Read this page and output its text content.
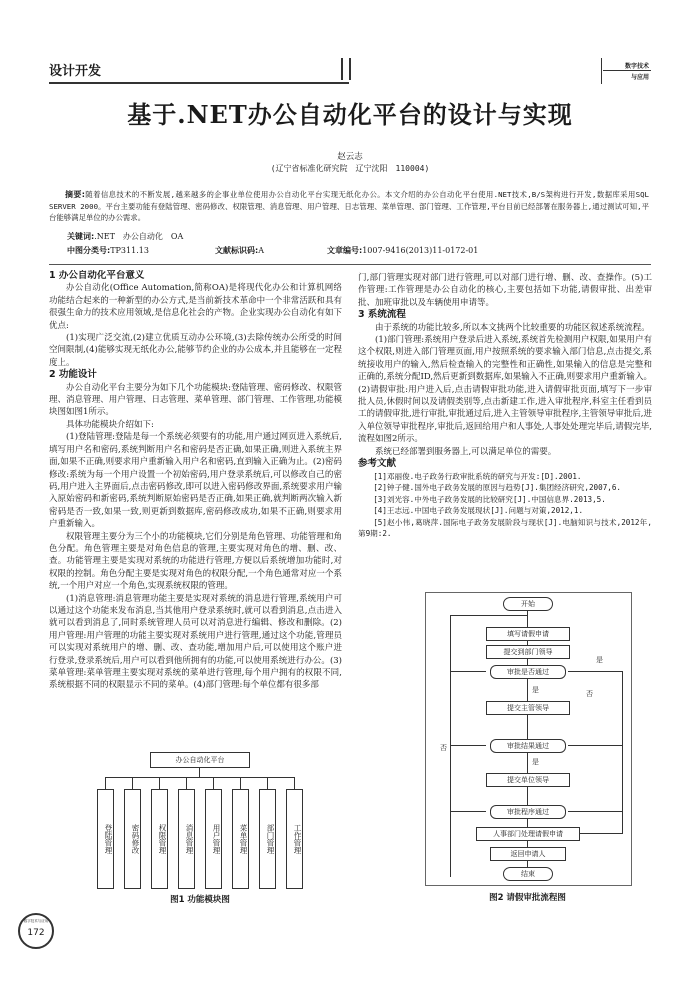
设计开发	数字技术
与应用
基于.NET办公自动化平台的设计与实现
赵云志
(辽宁省标准化研究院　辽宁沈阳　110004)
摘要:随着信息技术的不断发展,越来越多的企事业单位使用办公自动化平台实现无纸化办公。本文介绍的办公自动化平台使用.NET技术,B/S架构进行开发,数据库采用SQL SERVER 2000。平台主要功能有登陆管理、密码修改、权限管理、消息管理、用户管理、日志管理、菜单管理、部门管理、工作管理,平台目前已经部署在服务器上,通过测试可知,平台能够满足单位的办公需求。
关键词:.NET　办公自动化　OA
中图分类号:TP311.13	文献标识码:A	文章编号:1007-9416(2013)11-0172-01

1 办公自动化平台意义

办公自动化(Office Automation,简称OA)是将现代化办公和计算机网络功能结合起来的一种新型的办公方式,是当前新技术革命中一个非常活跃和具有很强生命力的技术应用领域,是信息化社会的产物。企业实现办公自动化有如下优点:

(1)实现广泛交流,(2)建立优质互动办公环境,(3)去除传统办公所受的时间空间限制,(4)能够实现无纸化办公,能够节约企业的办公成本,并且能够在一定程度上。

2 功能设计

办公自动化平台主要分为如下几个功能模块:登陆管理、密码修改、权限管理、消息管理、用户管理、日志管理、菜单管理、部门管理、工作管理,功能模块图如图1所示。

具体功能模块介绍如下:

(1)登陆管理:登陆是每一个系统必须要有的功能,用户通过网页进入系统后,填写用户名和密码,系统判断用户名和密码是否正确,如果正确,则进入系统主界面,如果不正确,则要求用户重新输入用户名和密码,直到输入正确为止。(2)密码修改:系统为每一个用户设置一个初始密码,用户登录系统后,可以修改自己的密码,用户进入主界面后,点击密码修改,即可以进入密码修改界面,系统要求用户输入原始密码和新密码,系统判断原始密码是否正确,如果正确,就判断两次输入新密码是否一致,如果一致,则更新到数据库,密码修改成功,如果不正确,则要求用户重新输入。

权限管理主要分为三个小的功能模块,它们分别是角色管理、功能管理和角色分配。角色管理主要是对角色信息的管理,主要实现对角色的增、删、改、查。功能管理主要是实现对系统的功能进行管理,方便以后系统增加功能时,对权限的控制。角色分配主要是实现对角色的权限分配,一个角色通常对应一个系统,一个用户对应一个角色,实现系统权限的管理。

(1)消息管理:消息管理功能主要是实现对系统的消息进行管理,系统用户可以通过这个功能来发布消息,当其他用户登录系统时,就可以看到消息,点击进入就可以看到消息了,同时系统管理人员可以对消息进行编辑、修改和删除。(2)用户管理:用户管理的功能主要实现对系统用户进行管理,通过这个功能,管理员可以实现对系统用户的增、删、改、查功能,增加用户后,可以使用这个账户进行登录,登录系统后,用户可以看到他所拥有的功能,可以使用系统进行办公。(3)菜单管理:菜单管理主要实现对系统的菜单进行管理,每个用户拥有的权限不同,系统根据不同的权限显示不同的菜单。(4)部门管理:每个单位都有很多部

门,部门管理实现对部门进行管理,可以对部门进行增、删、改、查操作。(5)工作管理:工作管理是办公自动化的核心,主要包括如下功能,请假审批、出差审批、加班审批以及车辆使用申请等。

3 系统流程

由于系统的功能比较多,所以本文挑两个比较重要的功能区叙述系统流程。

(1)部门管理:系统用户登录后进入系统,系统首先检测用户权限,如果用户有这个权限,则进入部门管理页面,用户按照系统的要求输入部门信息,点击提交,系统接收用户的输入,然后检查输入的完整性和正确性,如果输入的信息是完整和正确的,系统分配ID,然后更新到数据库,如果输入不正确,则要求用户重新输入。(2)请假审批:用户进入后,点击请假审批功能,进入请假审批页面,填写下一步审批人员,休假时间以及请假类别等,点击新建工作,进入审批程序,科室主任看到员工的请假审批,进行审批,审批通过后,进入主管领导审批程序,主管领导审批后,进入单位领导审批程序,审批后,返回给用户和人事处,人事处处理完毕后,请假完毕,流程如图2所示。

系统已经部署到服务器上,可以满足单位的需要。

参考文献

[1]邓丽俊.电子政务行政审批系统的研究与开发:[D].2001.

[2]钟子健.国外电子政务发展的原因与趋势[J].集团经济研究,2007,6.

[3]刘光容.中外电子政务发展的比较研究[J].中国信息界.2013,5.

[4]王志远.中国电子政务发展现状[J].问题与对策,2012,1.

[5]赵小伟,葛晓萍.国际电子政务发展阶段与现状[J].电脑知识与技术,2012年,第9期:2.

办公自动化平台
登陆管理	密码修改	权限管理	消息管理	用户管理	菜单管理	部门管理	工作管理
图1 功能模块图
开始
填写请假申请
提交到部门领导
审批是否通过
提交主管领导
审批结果通过
提交单位领导
审批程序通过
人事部门处理请假申请
返回申请人
结束
是
是
否
否
是
图2 请假审批流程图
数字技术与应用
172
